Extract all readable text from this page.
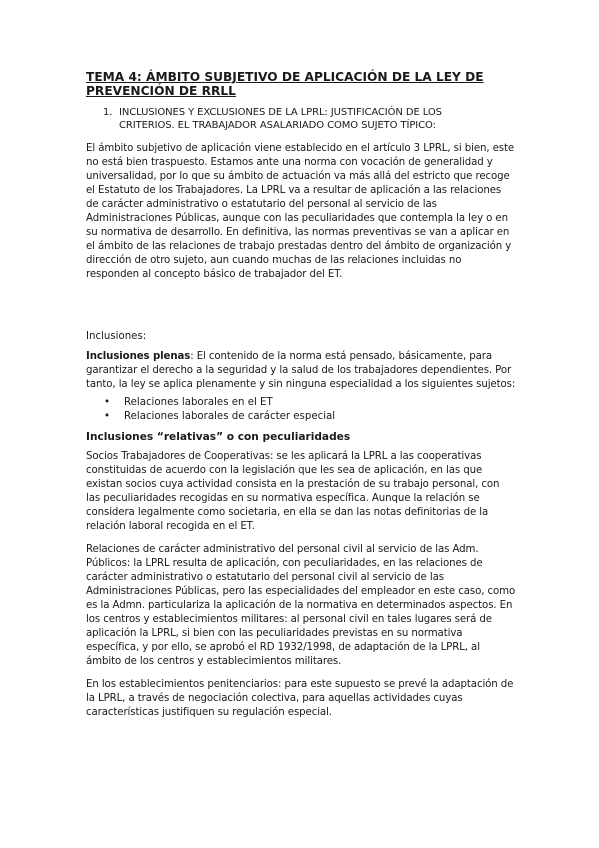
TEMA 4: ÁMBITO SUBJETIVO DE APLICACIÓN DE LA LEY DE
PREVENCIÓN DE RRLL
1. INCLUSIONES Y EXCLUSIONES DE LA LPRL: JUSTIFICACIÓN DE LOS
CRITERIOS. EL TRABAJADOR ASALARIADO COMO SUJETO TÍPICO:

El ámbito subjetivo de aplicación viene establecido en el artículo 3 LPRL, si bien, este no está bien traspuesto. Estamos ante una norma con vocación de generalidad y universalidad, por lo que su ámbito de actuación va más allá del estricto que recoge el Estatuto de los Trabajadores. La LPRL va a resultar de aplicación a las relaciones de carácter administrativo o estatutario del personal al servicio de las Administraciones Públicas, aunque con las peculiaridades que contempla la ley o en su normativa de desarrollo. En definitiva, las normas preventivas se van a aplicar en el ámbito de las relaciones de trabajo prestadas dentro del ámbito de organización y dirección de otro sujeto, aun cuando muchas de las relaciones incluidas no responden al concepto básico de trabajador del ET.

Inclusiones:

Inclusiones plenas: El contenido de la norma está pensado, básicamente, para garantizar el derecho a la seguridad y la salud de los trabajadores dependientes. Por tanto, la ley se aplica plenamente y sin ninguna especialidad a los siguientes sujetos:

•	Relaciones laborales en el ET
•	Relaciones laborales de carácter especial
Inclusiones “relativas” o con peculiaridades

Socios Trabajadores de Cooperativas: se les aplicará la LPRL a las cooperativas constituidas de acuerdo con la legislación que les sea de aplicación, en las que existan socios cuya actividad consista en la prestación de su trabajo personal, con las peculiaridades recogidas en su normativa específica. Aunque la relación se considera legalmente como societaria, en ella se dan las notas definitorias de la relación laboral recogida en el ET.

Relaciones de carácter administrativo del personal civil al servicio de las Adm. Públicos: la LPRL resulta de aplicación, con peculiaridades, en las relaciones de carácter administrativo o estatutario del personal civil al servicio de las Administraciones Públicas, pero las especialidades del empleador en este caso, como es la Admn. particulariza la aplicación de la normativa en determinados aspectos. En los centros y establecimientos militares: al personal civil en tales lugares será de aplicación la LPRL, si bien con las peculiaridades previstas en su normativa específica, y por ello, se aprobó el RD 1932/1998, de adaptación de la LPRL, al ámbito de los centros y establecimientos militares.

En los establecimientos penitenciarios: para este supuesto se prevé la adaptación de la LPRL, a través de negociación colectiva, para aquellas actividades cuyas características justifiquen su regulación especial.
